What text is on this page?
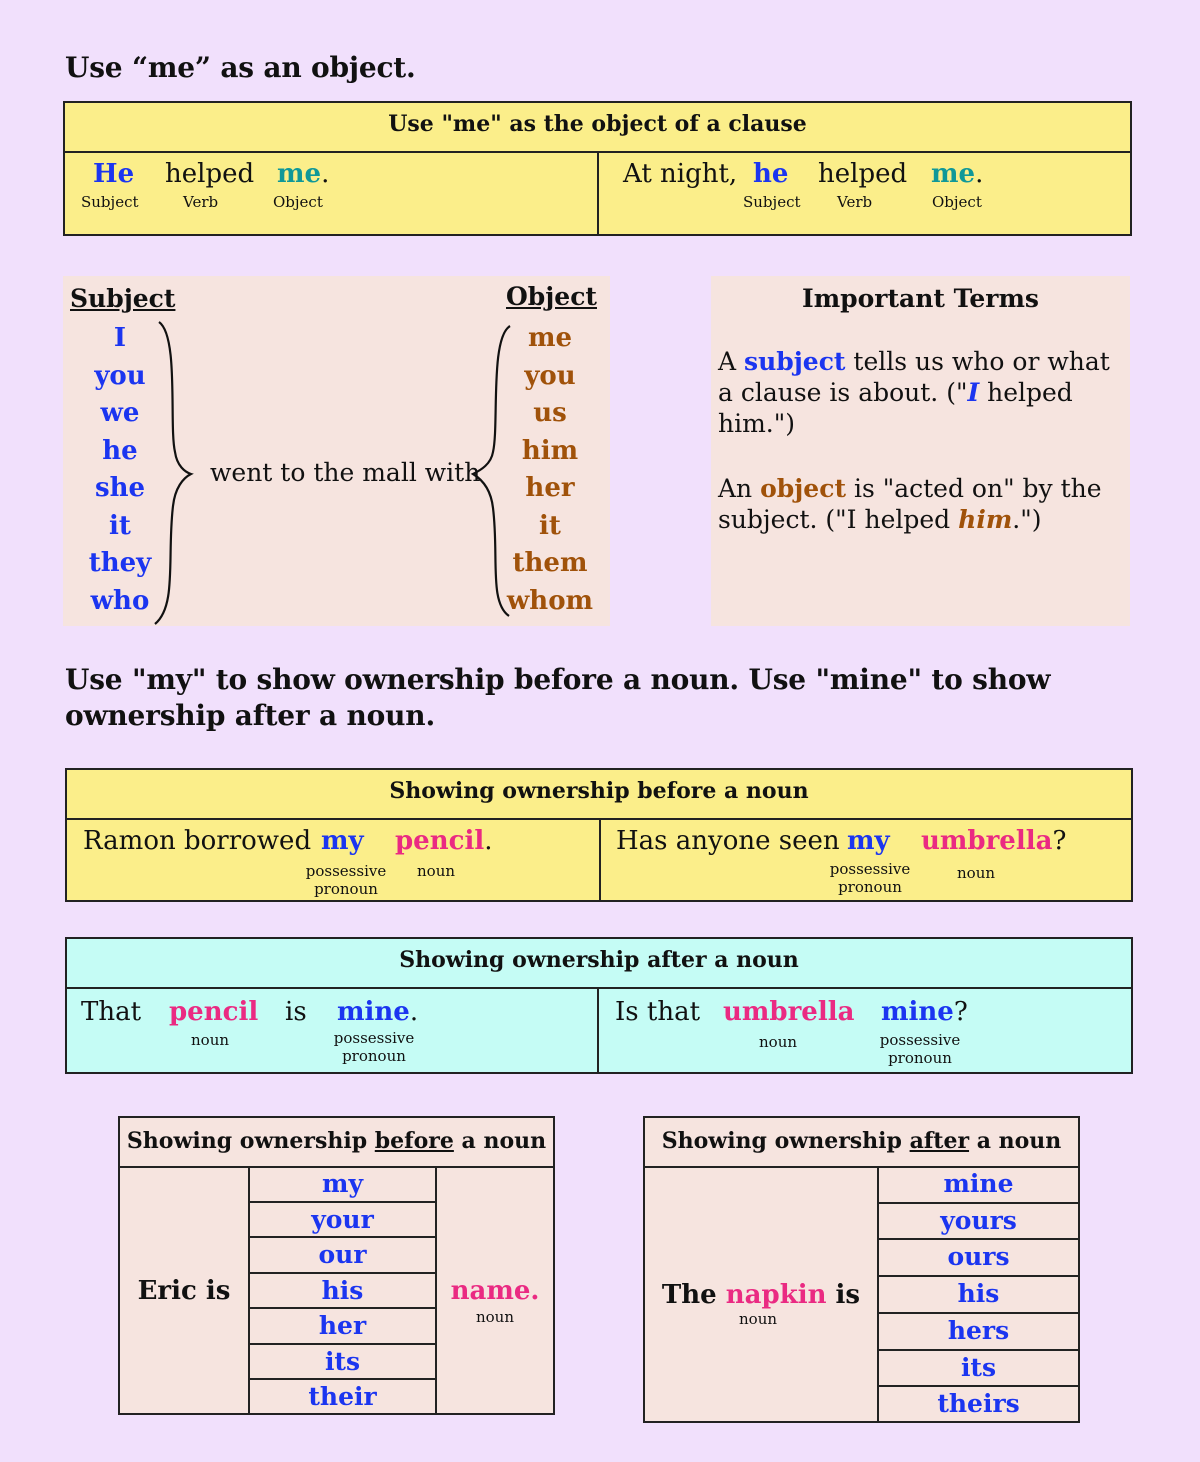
Use “me” as an object.
Use "me" as the object of a clause
He
Subject
helped
Verb
me.
Object
At night, he
Subject
helped
Verb
me.
Object
Subject	Object
I
you
we
he
she
it
they
who
me
you
us
him
her
it
them
whom
went to the mall with
Important Terms
A subject tells us who or what a clause is about. ("I helped him.")
An object is "acted on" by the subject. ("I helped him.")
Use "my" to show ownership before a noun. Use "mine" to show ownership after a noun.
Showing ownership before a noun
Ramon borrowed my
possessive pronoun
pencil.
noun
Has anyone seen my
possessive pronoun
umbrella?
noun
Showing ownership after a noun
That pencil
noun
is mine.
possessive pronoun
Is that umbrella
noun
mine?
possessive pronoun
Showing ownership before a noun
Eric is
my
your
our
his
her
its
their
name.
noun
Showing ownership after a noun
The napkin is
noun
mine
yours
ours
his
hers
its
theirs
